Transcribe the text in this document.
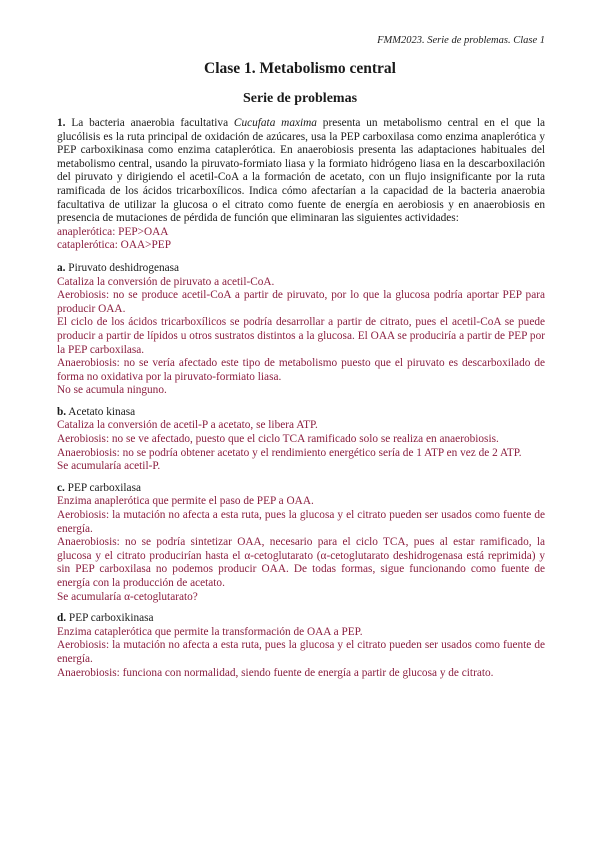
FMM2023. Serie de problemas. Clase 1
Clase 1. Metabolismo central
Serie de problemas

1. La bacteria anaerobia facultativa Cucufata maxima presenta un metabolismo central en el que la glucólisis es la ruta principal de oxidación de azúcares, usa la PEP carboxilasa como enzima anaplerótica y PEP carboxikinasa como enzima cataplerótica. En anaerobiosis presenta las adaptaciones habituales del metabolismo central, usando la piruvato-formiato liasa y la formiato hidrógeno liasa en la descarboxilación del piruvato y dirigiendo el acetil-CoA a la formación de acetato, con un flujo insignificante por la ruta ramificada de los ácidos tricarboxílicos. Indica cómo afectarían a la capacidad de la bacteria anaerobia facultativa de utilizar la glucosa o el citrato como fuente de energía en aerobiosis y en anaerobiosis en presencia de mutaciones de pérdida de función que eliminaran las siguientes actividades:

anaplerótica: PEP>OAA

cataplerótica: OAA>PEP

a. Piruvato deshidrogenasa

Cataliza la conversión de piruvato a acetil-CoA.

Aerobiosis: no se produce acetil-CoA a partir de piruvato, por lo que la glucosa podría aportar PEP para producir OAA.

El ciclo de los ácidos tricarboxílicos se podría desarrollar a partir de citrato, pues el acetil-CoA se puede producir a partir de lípidos u otros sustratos distintos a la glucosa. El OAA se produciría a partir de PEP por la PEP carboxilasa.

Anaerobiosis: no se vería afectado este tipo de metabolismo puesto que el piruvato es descarboxilado de forma no oxidativa por la piruvato-formiato liasa.

No se acumula ninguno.

b. Acetato kinasa

Cataliza la conversión de acetil-P a acetato, se libera ATP.

Aerobiosis: no se ve afectado, puesto que el ciclo TCA ramificado solo se realiza en anaerobiosis.

Anaerobiosis: no se podría obtener acetato y el rendimiento energético sería de 1 ATP en vez de 2 ATP.

Se acumularía acetil-P.

c. PEP carboxilasa

Enzima anaplerótica que permite el paso de PEP a OAA.

Aerobiosis: la mutación no afecta a esta ruta, pues la glucosa y el citrato pueden ser usados como fuente de energía.

Anaerobiosis: no se podría sintetizar OAA, necesario para el ciclo TCA, pues al estar ramificado, la glucosa y el citrato producirían hasta el α-cetoglutarato (α-cetoglutarato deshidrogenasa está reprimida) y sin PEP carboxilasa no podemos producir OAA. De todas formas, sigue funcionando como fuente de energía con la producción de acetato.

Se acumularía α-cetoglutarato?

d. PEP carboxikinasa

Enzima cataplerótica que permite la transformación de OAA a PEP.

Aerobiosis: la mutación no afecta a esta ruta, pues la glucosa y el citrato pueden ser usados como fuente de energía.

Anaerobiosis: funciona con normalidad, siendo fuente de energía a partir de glucosa y de citrato.
